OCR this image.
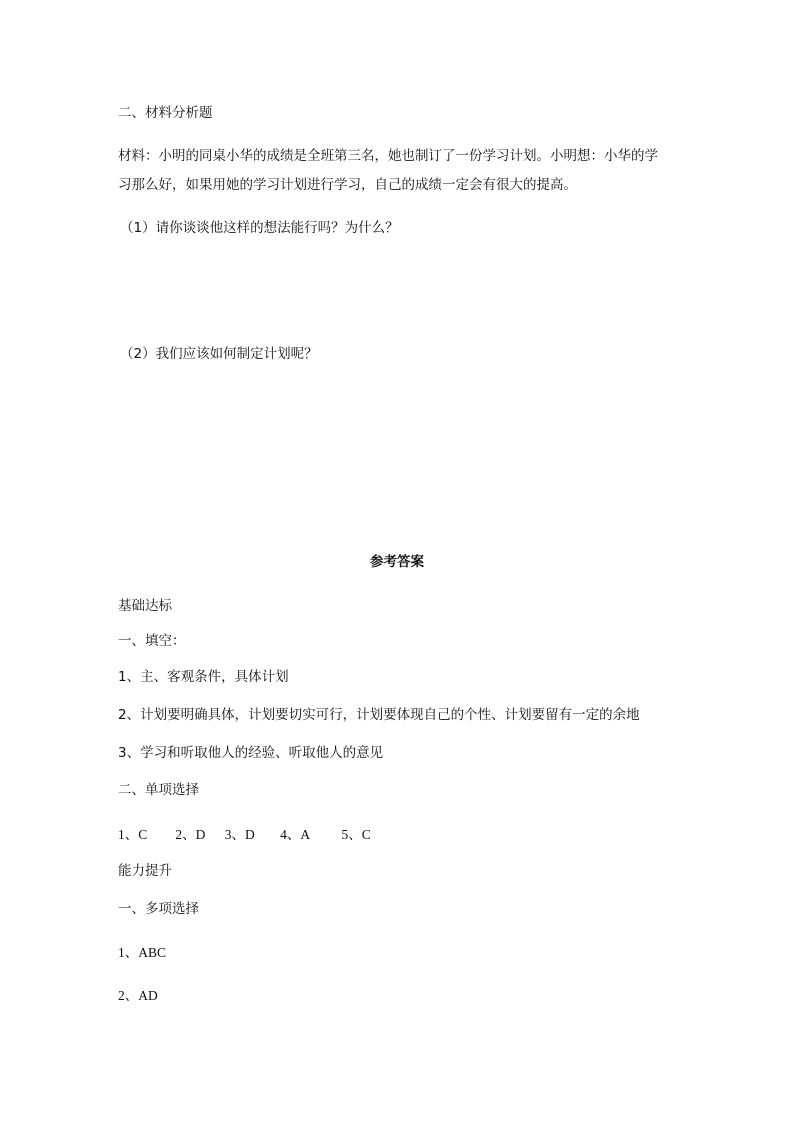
二、材料分析题
材料：小明的同桌小华的成绩是全班第三名，她也制订了一份学习计划。小明想：小华的学
习那么好，如果用她的学习计划进行学习，自己的成绩一定会有很大的提高。
（1）请你谈谈他这样的想法能行吗？为什么？
（2）我们应该如何制定计划呢？
参考答案
基础达标
一、填空：
1、主、客观条件，具体计划
2、计划要明确具体，计划要切实可行，计划要体现自己的个性、计划要留有一定的余地
3、学习和听取他人的经验、听取他人的意见
二、单项选择
1、C 2、D 3、D 4、A 5、C
能力提升
一、多项选择
1、ABC
2、AD
